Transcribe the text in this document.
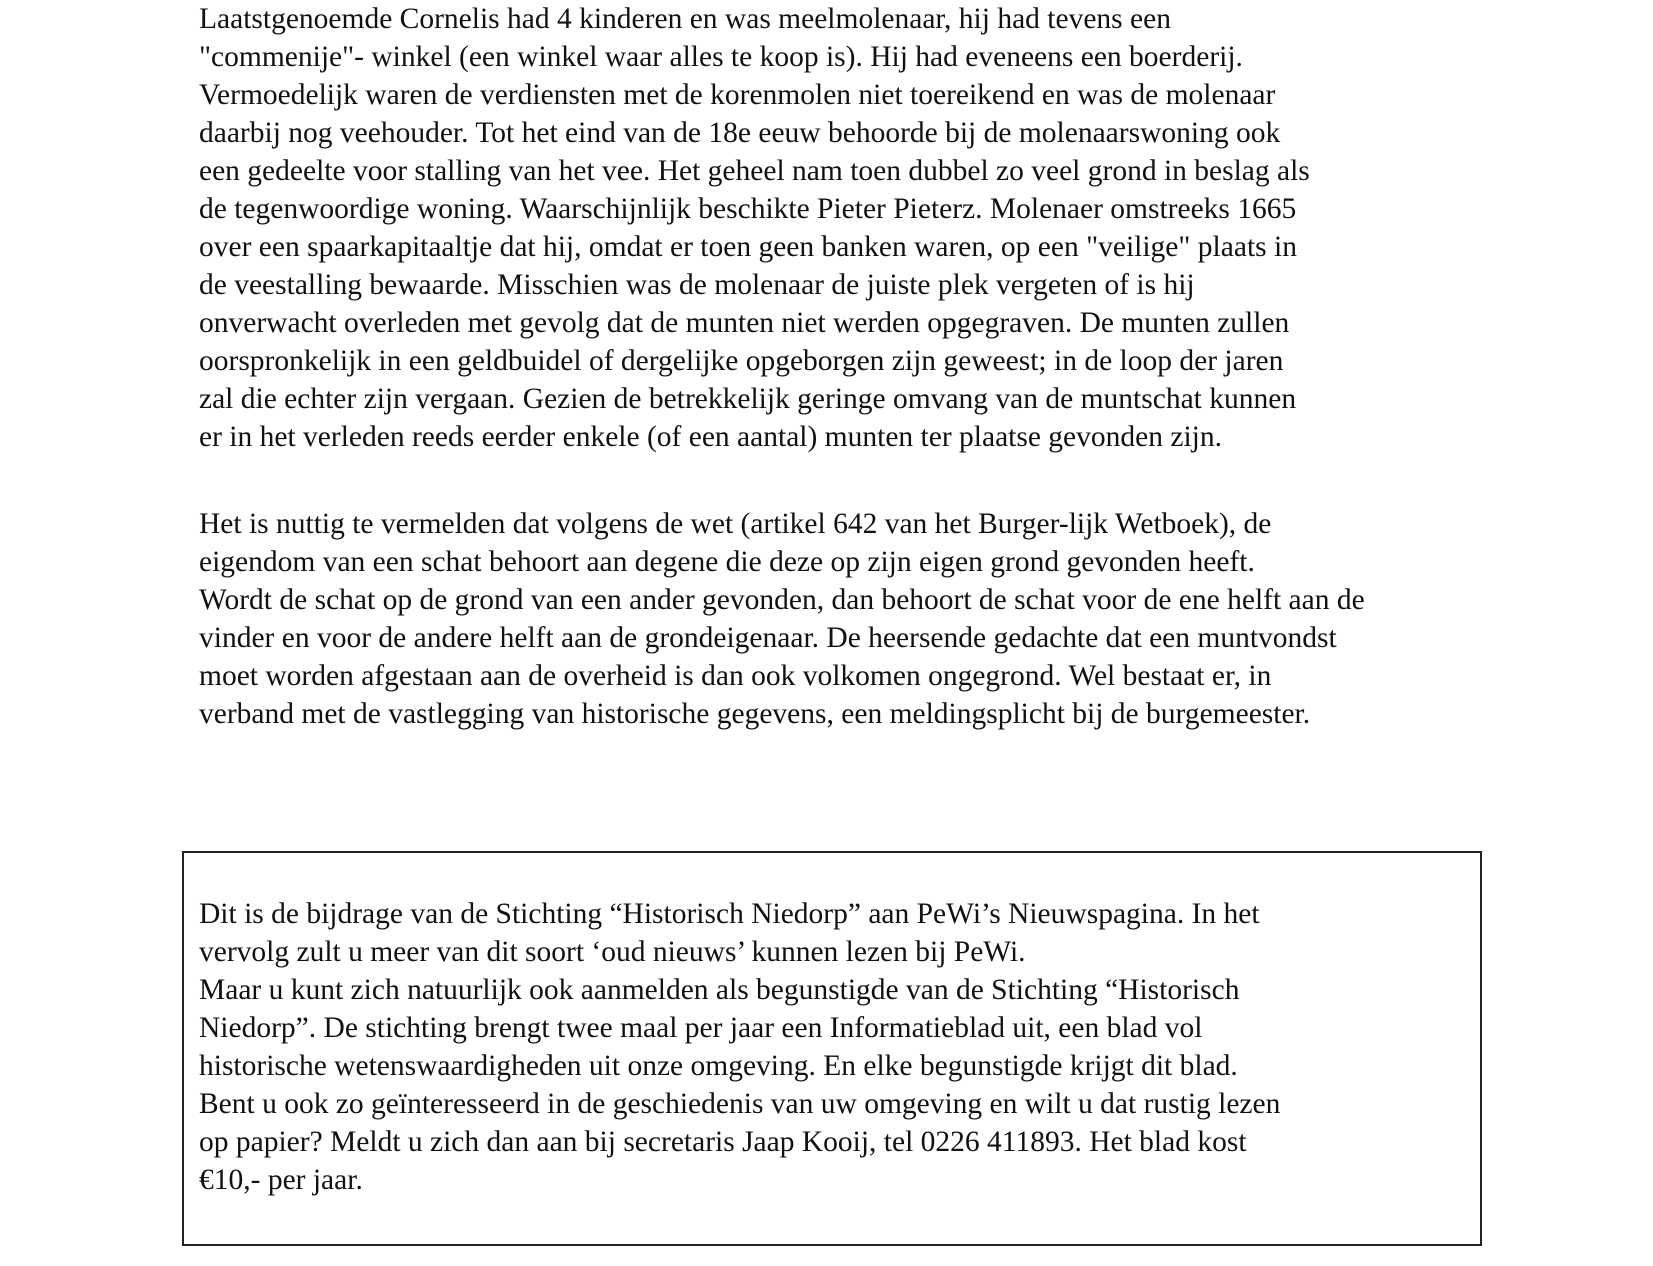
Laatstgenoemde Cornelis had 4 kinderen en was meelmolenaar, hij had tevens een
"commenije"- winkel (een winkel waar alles te koop is). Hij had eveneens een boerderij.
Vermoedelijk waren de verdiensten met de korenmolen niet toereikend en was de molenaar
daarbij nog veehouder. Tot het eind van de 18e eeuw behoorde bij de molenaarswoning ook
een gedeelte voor stalling van het vee. Het geheel nam toen dubbel zo veel grond in beslag als
de tegenwoordige woning. Waarschijnlijk beschikte Pieter Pieterz. Molenaer omstreeks 1665
over een spaarkapitaaltje dat hij, omdat er toen geen banken waren, op een "veilige" plaats in
de veestalling bewaarde. Misschien was de molenaar de juiste plek vergeten of is hij
onverwacht overleden met gevolg dat de munten niet werden opgegraven. De munten zullen
oorspronkelijk in een geldbuidel of dergelijke opgeborgen zijn geweest; in de loop der jaren
zal die echter zijn vergaan. Gezien de betrekkelijk geringe omvang van de muntschat kunnen
er in het verleden reeds eerder enkele (of een aantal) munten ter plaatse gevonden zijn.
Het is nuttig te vermelden dat volgens de wet (artikel 642 van het Burger-lijk Wetboek), de
eigendom van een schat behoort aan degene die deze op zijn eigen grond gevonden heeft.
Wordt de schat op de grond van een ander gevonden, dan behoort de schat voor de ene helft aan de
vinder en voor de andere helft aan de grondeigenaar. De heersende gedachte dat een muntvondst
moet worden afgestaan aan de overheid is dan ook volkomen ongegrond. Wel bestaat er, in
verband met de vastlegging van historische gegevens, een meldingsplicht bij de burgemeester.
Dit is de bijdrage van de Stichting “Historisch Niedorp” aan PeWi’s Nieuwspagina. In het
vervolg zult u meer van dit soort ‘oud nieuws’ kunnen lezen bij PeWi.
Maar u kunt zich natuurlijk ook aanmelden als begunstigde van de Stichting “Historisch
Niedorp”. De stichting brengt twee maal per jaar een Informatieblad uit, een blad vol
historische wetenswaardigheden uit onze omgeving. En elke begunstigde krijgt dit blad.
Bent u ook zo geïnteresseerd in de geschiedenis van uw omgeving en wilt u dat rustig lezen
op papier? Meldt u zich dan aan bij secretaris Jaap Kooij, tel 0226 411893. Het blad kost
€10,- per jaar.
